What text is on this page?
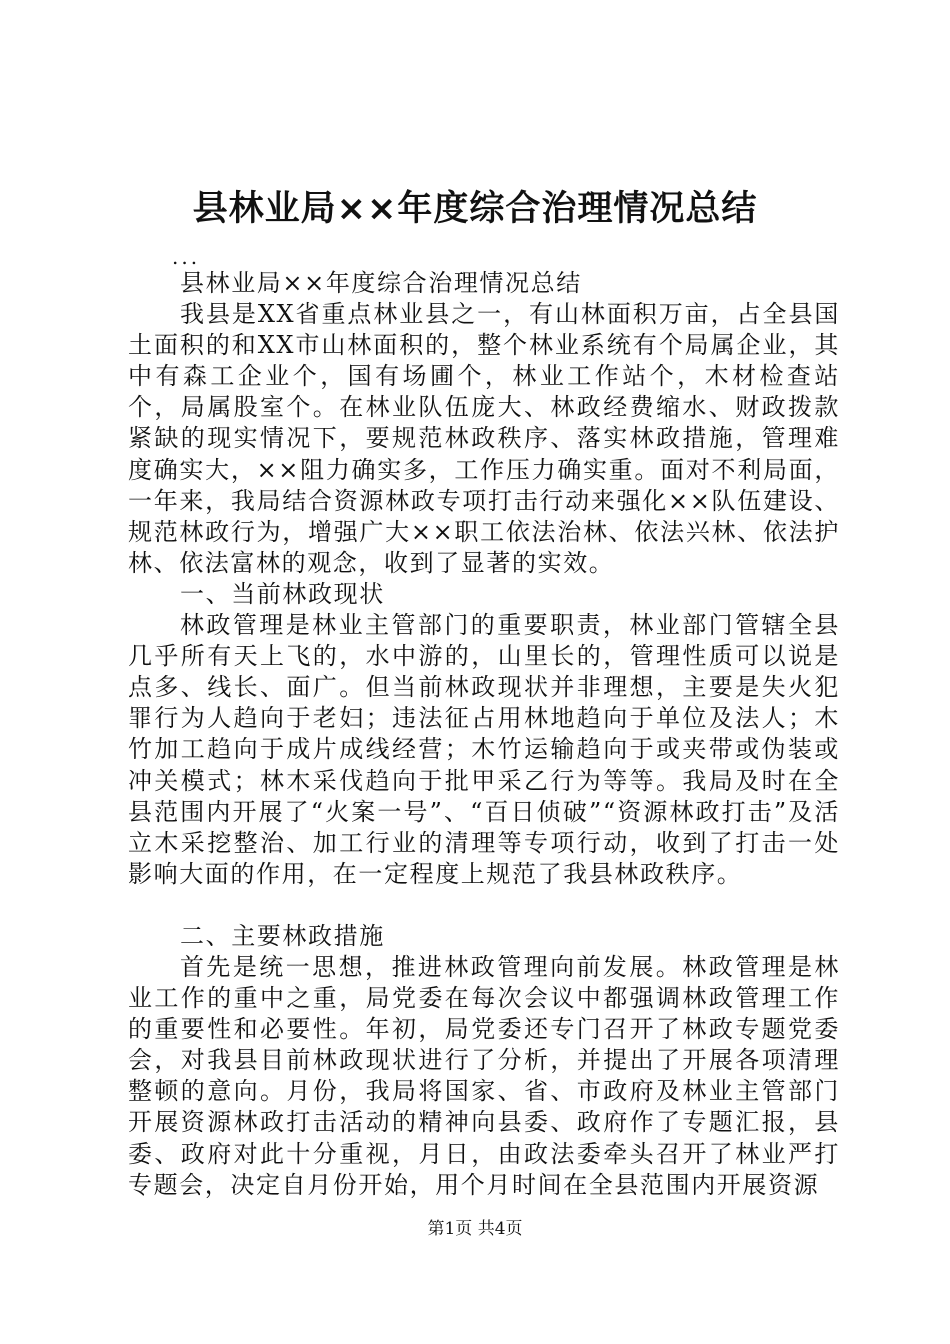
县林业局××年度综合治理情况总结

...

县林业局××年度综合治理情况总结

我县是XX省重点林业县之一，有山林面积万亩，占全县国土面积的和XX市山林面积的，整个林业系统有个局属企业，其中有森工企业个，国有场圃个，林业工作站个，木材检查站个，局属股室个。在林业队伍庞大、林政经费缩水、财政拨款紧缺的现实情况下，要规范林政秩序、落实林政措施，管理难度确实大，××阻力确实多，工作压力确实重。面对不利局面，一年来，我局结合资源林政专项打击行动来强化××队伍建设、规范林政行为，增强广大××职工依法治林、依法兴林、依法护林、依法富林的观念，收到了显著的实效。

一、当前林政现状

林政管理是林业主管部门的重要职责，林业部门管辖全县几乎所有天上飞的，水中游的，山里长的，管理性质可以说是点多、线长、面广。但当前林政现状并非理想，主要是失火犯罪行为人趋向于老妇；违法征占用林地趋向于单位及法人；木竹加工趋向于成片成线经营；木竹运输趋向于或夹带或伪装或冲关模式；林木采伐趋向于批甲采乙行为等等。我局及时在全县范围内开展了“火案一号”、“百日侦破”“资源林政打击”及活立木采挖整治、加工行业的清理等专项行动，收到了打击一处影响大面的作用，在一定程度上规范了我县林政秩序。

二、主要林政措施

首先是统一思想，推进林政管理向前发展。林政管理是林业工作的重中之重，局党委在每次会议中都强调林政管理工作的重要性和必要性。年初，局党委还专门召开了林政专题党委会，对我县目前林政现状进行了分析，并提出了开展各项清理整顿的意向。月份，我局将国家、省、市政府及林业主管部门开展资源林政打击活动的精神向县委、政府作了专题汇报，县委、政府对此十分重视，月日，由政法委牵头召开了林业严打专题会，决定自月份开始，用个月时间在全县范围内开展资源

第1页 共4页
